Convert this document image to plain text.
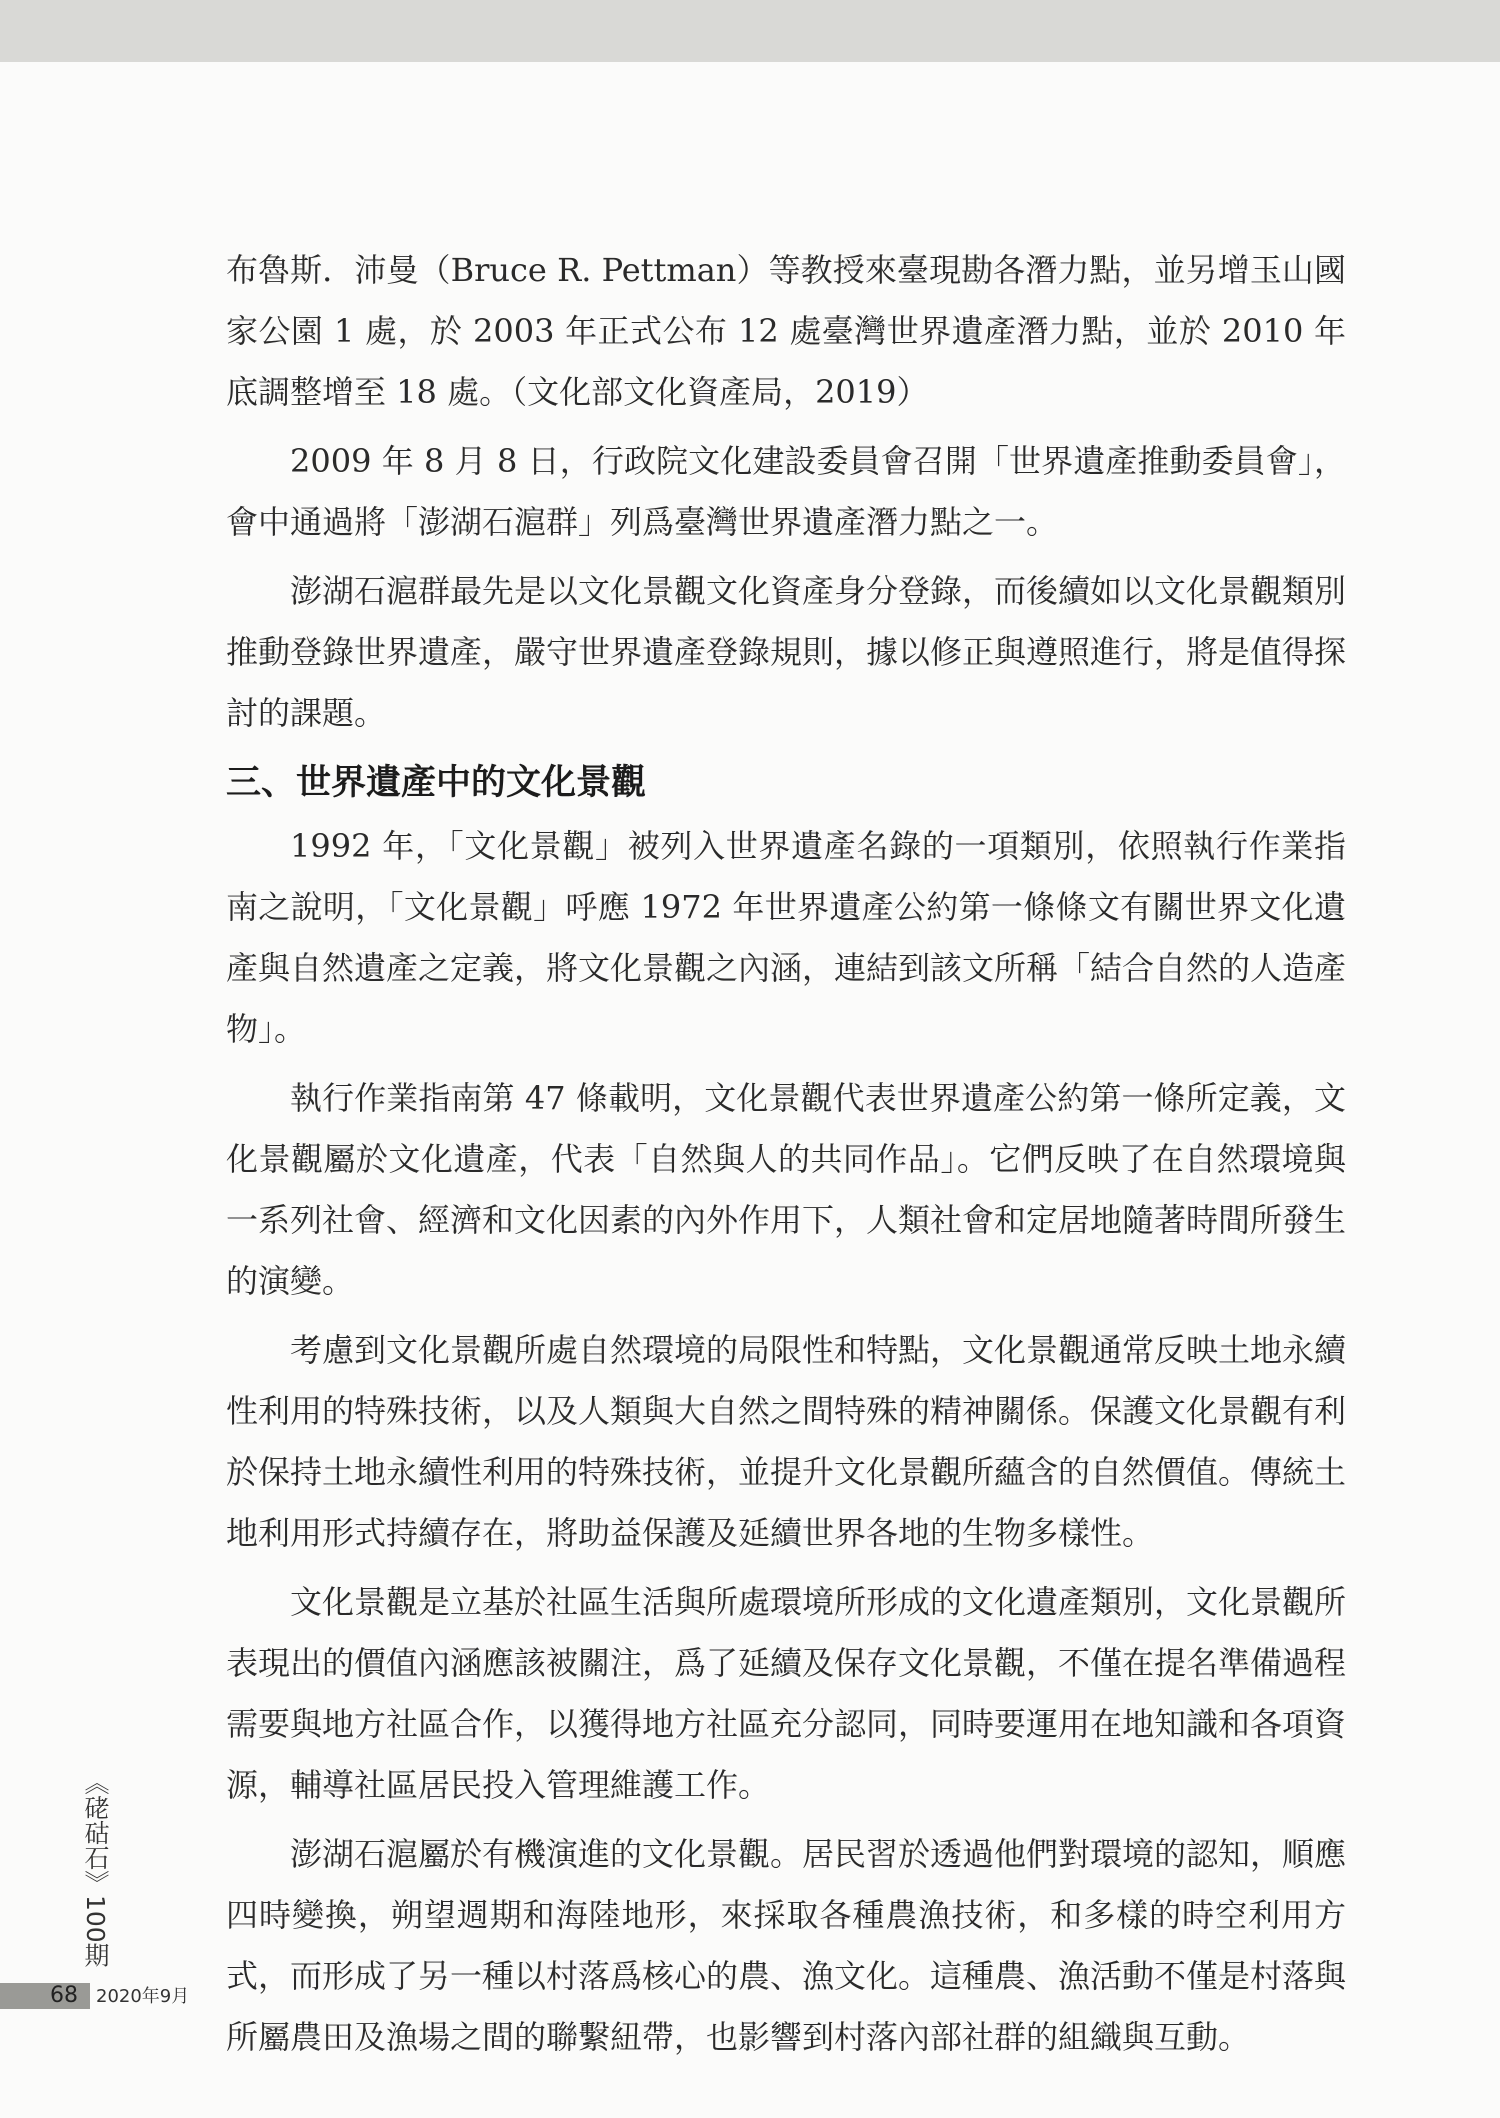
布魯斯．沛曼（Bruce R. Pettman）等教授來臺現勘各潛力點，並另增玉山國家公園 1 處，於 2003 年正式公布 12 處臺灣世界遺產潛力點，並於 2010 年底調整增至 18 處。（文化部文化資產局，2019）

2009 年 8 月 8 日，行政院文化建設委員會召開「世界遺產推動委員會」，會中通過將「澎湖石滬群」列爲臺灣世界遺產潛力點之一。

澎湖石滬群最先是以文化景觀文化資產身分登錄，而後續如以文化景觀類別推動登錄世界遺產，嚴守世界遺產登錄規則，據以修正與遵照進行，將是值得探討的課題。

三、世界遺產中的文化景觀

1992 年，「文化景觀」被列入世界遺產名錄的一項類別，依照執行作業指南之說明，「文化景觀」呼應 1972 年世界遺產公約第一條條文有關世界文化遺產與自然遺產之定義，將文化景觀之內涵，連結到該文所稱「結合自然的人造產物」。

執行作業指南第 47 條載明，文化景觀代表世界遺產公約第一條所定義，文化景觀屬於文化遺產，代表「自然與人的共同作品」。它們反映了在自然環境與一系列社會、經濟和文化因素的內外作用下，人類社會和定居地隨著時間所發生的演變。

考慮到文化景觀所處自然環境的局限性和特點，文化景觀通常反映土地永續性利用的特殊技術，以及人類與大自然之間特殊的精神關係。保護文化景觀有利於保持土地永續性利用的特殊技術，並提升文化景觀所蘊含的自然價值。傳統土地利用形式持續存在，將助益保護及延續世界各地的生物多樣性。

文化景觀是立基於社區生活與所處環境所形成的文化遺產類別，文化景觀所表現出的價值內涵應該被關注，爲了延續及保存文化景觀，不僅在提名準備過程需要與地方社區合作，以獲得地方社區充分認同，同時要運用在地知識和各項資源，輔導社區居民投入管理維護工作。

澎湖石滬屬於有機演進的文化景觀。居民習於透過他們對環境的認知，順應四時變換，朔望週期和海陸地形，來採取各種農漁技術，和多樣的時空利用方式，而形成了另一種以村落爲核心的農、漁文化。這種農、漁活動不僅是村落與所屬農田及漁場之間的聯繫紐帶，也影響到村落內部社群的組織與互動。

《硓𥑮石》100期
68 2020年9月
